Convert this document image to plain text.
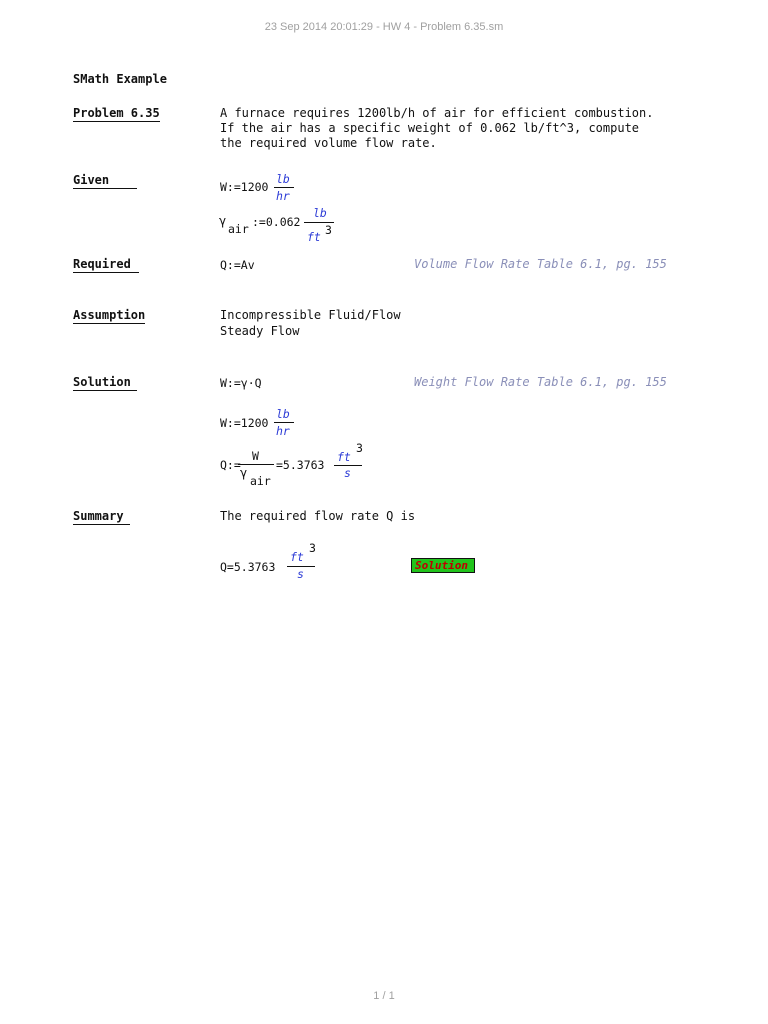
23 Sep 2014 20:01:29 - HW 4 - Problem 6.35.sm
SMath Example
Problem 6.35	A furnace requires 1200lb/h of air for efficient combustion.
If the air has a specific weight of 0.062 lb/ft^3, compute
the required volume flow rate.
Given	W:=1200
lb
hr
γ
air :=0.062
lb
ft 3
Required	Q:=Av	Volume Flow Rate Table 6.1, pg. 155
Assumption	Incompressible Fluid/Flow
Steady Flow
Solution	W:=γ·Q	Weight Flow Rate Table 6.1, pg. 155
W:=1200
lb
hr
Q:=
W
γ
air
=5.3763
ft
3
s
Summary	The required flow rate Q is
Q=5.3763
ft
3
s
Solution
1 / 1
